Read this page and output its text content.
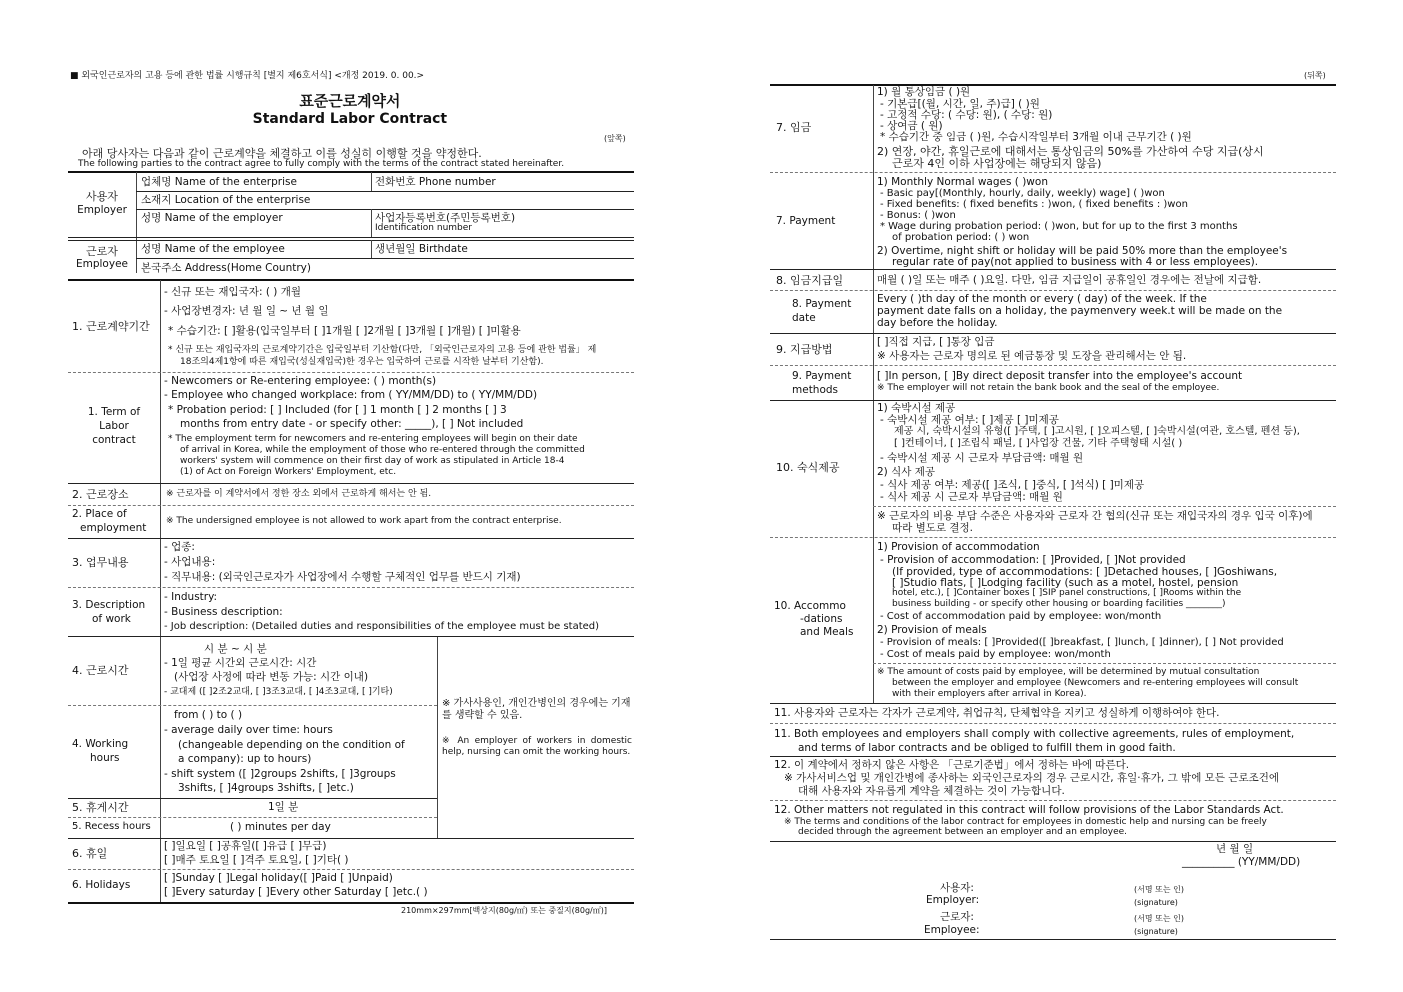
■ 외국인근로자의 고용 등에 관한 법률 시행규칙 [별지 제6호서식] <개정 2019. 0. 00.>
표준근로계약서
Standard Labor Contract
(앞쪽)
아래 당사자는 다음과 같이 근로계약을 체결하고 이를 성실히 이행할 것을 약정한다.
The following parties to the contract agree to fully comply with the terms of the contract stated hereinafter.
사용자
Employer
업체명 Name of the enterprise	전화번호 Phone number
소재지 Location of the enterprise
성명 Name of the employer	사업자등록번호(주민등록번호)
Identification number
근로자
Employee
성명 Name of the employee	생년월일 Birthdate
본국주소 Address(Home Country)
1. 근로계약기간
- 신규 또는 재입국자: ( ) 개월
- 사업장변경자: 년 월 일 ~ 년 월 일
* 수습기간: [ ]활용(입국일부터 [ ]1개월 [ ]2개월 [ ]3개월 [ ]개월) [ ]미활용
* 신규 또는 재입국자의 근로계약기간은 입국일부터 기산함(다만, 「외국인근로자의 고용 등에 관한 법률」 제
18조의4제1항에 따른 재입국(성실재입국)한 경우는 입국하여 근로를 시작한 날부터 기산함).
1. Term of
Labor
contract
- Newcomers or Re-entering employee: ( ) month(s)
- Employee who changed workplace: from ( YY/MM/DD) to ( YY/MM/DD)
* Probation period: [ ] Included (for [ ] 1 month [ ] 2 months [ ] 3
months from entry date - or specify other: _____), [ ] Not included
* The employment term for newcomers and re-entering employees will begin on their date
of arrival in Korea, while the employment of those who re-entered through the committed
workers' system will commence on their first day of work as stipulated in Article 18-4
(1) of Act on Foreign Workers' Employment, etc.
2. 근로장소	※ 근로자를 이 계약서에서 정한 장소 외에서 근로하게 해서는 안 됨.
2. Place of
employment
※ The undersigned employee is not allowed to work apart from the contract enterprise.
3. 업무내용
- 업종:
- 사업내용:
- 직무내용: (외국인근로자가 사업장에서 수행할 구체적인 업무를 반드시 기재)
3. Description
of work
- Industry:
- Business description:
- Job description: (Detailed duties and responsibilities of the employee must be stated)
4. 근로시간
시 분 ~ 시 분
- 1일 평균 시간외 근로시간: 시간
(사업장 사정에 따라 변동 가능: 시간 이내)
- 교대제 ([ ]2조2교대, [ ]3조3교대, [ ]4조3교대, [ ]기타)
4. Working
hours
from ( ) to ( )
- average daily over time: hours
(changeable depending on the condition of
a company): up to hours)
- shift system ([ ]2groups 2shifts, [ ]3groups
3shifts, [ ]4groups 3shifts, [ ]etc.)
※ 가사사용인, 개인간병인의 경우에는 기재를 생략할 수 있음.
※ An employer of workers in domestic help, nursing can omit the working hours.
5. 휴게시간	1일 분
5. Recess hours	( ) minutes per day
6. 휴일
[ ]일요일 [ ]공휴일([ ]유급 [ ]무급)
[ ]매주 토요일 [ ]격주 토요일, [ ]기타( )
6. Holidays
[ ]Sunday [ ]Legal holiday([ ]Paid [ ]Unpaid)
[ ]Every saturday [ ]Every other Saturday [ ]etc.( )
210mm×297mm[백상지(80g/㎡) 또는 중질지(80g/㎡)]
(뒤쪽)
7. 임금
1) 월 통상임금 ( )원
- 기본급[(월, 시간, 일, 주)급] ( )원
- 고정적 수당: ( 수당: 원), ( 수당: 원)
- 상여금 ( 원)
* 수습기간 중 임금 ( )원, 수습시작일부터 3개월 이내 근무기간 ( )원
2) 연장, 야간, 휴일근로에 대해서는 통상임금의 50%를 가산하여 수당 지급(상시
근로자 4인 이하 사업장에는 해당되지 않음)
7. Payment
1) Monthly Normal wages ( )won
- Basic pay[(Monthly, hourly, daily, weekly) wage] ( )won
- Fixed benefits: ( fixed benefits : )won, ( fixed benefits : )won
- Bonus: ( )won
* Wage during probation period: ( )won, but for up to the first 3 months
of probation period: ( ) won
2) Overtime, night shift or holiday will be paid 50% more than the employee's
regular rate of pay(not applied to business with 4 or less employees).
8. 임금지급일	매월 ( )일 또는 매주 ( )요일. 다만, 임금 지급일이 공휴일인 경우에는 전날에 지급함.
8. Payment
date
Every ( )th day of the month or every ( day) of the week. If the
payment date falls on a holiday, the paymenvery week.t will be made on the
day before the holiday.
9. 지급방법
[ ]직접 지급, [ ]통장 입금
※ 사용자는 근로자 명의로 된 예금통장 및 도장을 관리해서는 안 됨.
9. Payment
methods
[ ]In person, [ ]By direct deposit transfer into the employee's account
※ The employer will not retain the bank book and the seal of the employee.
10. 숙식제공
1) 숙박시설 제공
- 숙박시설 제공 여부: [ ]제공 [ ]미제공
제공 시, 숙박시설의 유형([ ]주택, [ ]고시원, [ ]오피스텔, [ ]숙박시설(여관, 호스텔, 펜션 등),
[ ]컨테이너, [ ]조립식 패널, [ ]사업장 건물, 기타 주택형태 시설( )
- 숙박시설 제공 시 근로자 부담금액: 매월 원
2) 식사 제공
- 식사 제공 여부: 제공([ ]조식, [ ]중식, [ ]석식) [ ]미제공
- 식사 제공 시 근로자 부담금액: 매월 원
※ 근로자의 비용 부담 수준은 사용자와 근로자 간 협의(신규 또는 재입국자의 경우 입국 이후)에
따라 별도로 결정.
10. Accommo
-dations
and Meals
1) Provision of accommodation
- Provision of accommodation: [ ]Provided, [ ]Not provided
(If provided, type of accommodations: [ ]Detached houses, [ ]Goshiwans,
[ ]Studio flats, [ ]Lodging facility (such as a motel, hostel, pension
hotel, etc.), [ ]Container boxes [ ]SIP panel constructions, [ ]Rooms within the
business building - or specify other housing or boarding facilities ________)
- Cost of accommodation paid by employee: won/month
2) Provision of meals
- Provision of meals: [ ]Provided([ ]breakfast, [ ]lunch, [ ]dinner), [ ] Not provided
- Cost of meals paid by employee: won/month
※ The amount of costs paid by employee, will be determined by mutual consultation
between the employer and employee (Newcomers and re-entering employees will consult
with their employers after arrival in Korea).
11. 사용자와 근로자는 각자가 근로계약, 취업규칙, 단체협약을 지키고 성실하게 이행하여야 한다.
11. Both employees and employers shall comply with collective agreements, rules of employment,
and terms of labor contracts and be obliged to fulfill them in good faith.
12. 이 계약에서 정하지 않은 사항은 「근로기준법」에서 정하는 바에 따른다.
※ 가사서비스업 및 개인간병에 종사하는 외국인근로자의 경우 근로시간, 휴일·휴가, 그 밖에 모든 근로조건에
대해 사용자와 자유롭게 계약을 체결하는 것이 가능합니다.
12. Other matters not regulated in this contract will follow provisions of the Labor Standards Act.
※ The terms and conditions of the labor contract for employees in domestic help and nursing can be freely
decided through the agreement between an employer and an employee.
년 월 일
__________ (YY/MM/DD)
사용자:
Employer:
(서명 또는 인)
(signature)
근로자:
Employee:
(서명 또는 인)
(signature)
